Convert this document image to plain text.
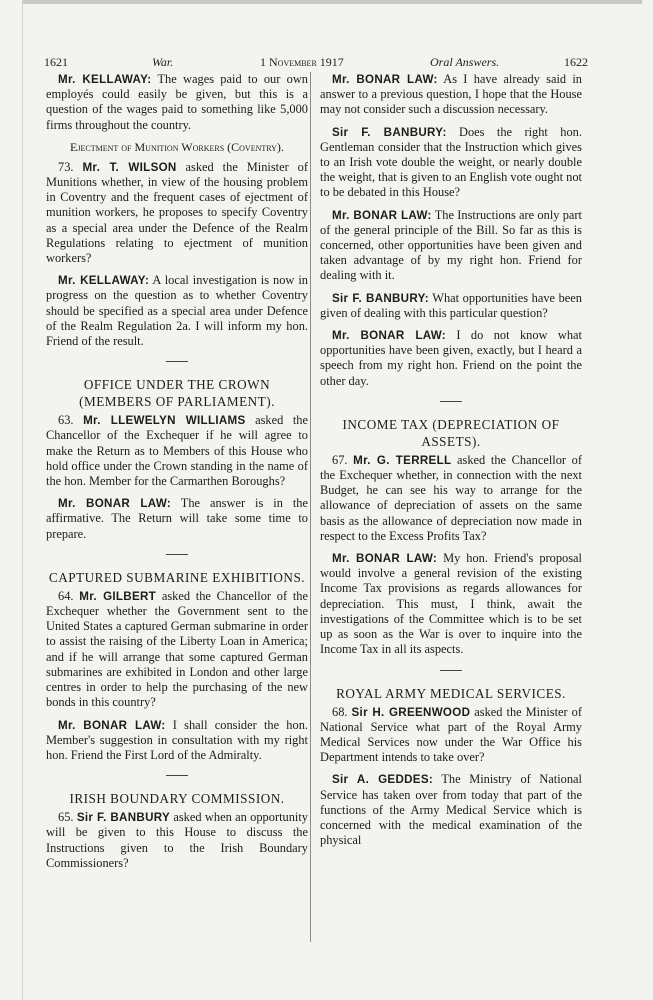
1621	War.	1 November 1917	Oral Answers.	1622

Mr. KELLAWAY: The wages paid to our own employés could easily be given, but this is a question of the wages paid to something like 5,000 firms throughout the country.

Ejectment of Munition Workers (Coventry).

73. Mr. T. WILSON asked the Minister of Munitions whether, in view of the housing problem in Coventry and the frequent cases of ejectment of munition workers, he proposes to specify Coventry as a special area under the Defence of the Realm Regulations relating to ejectment of munition workers?

Mr. KELLAWAY: A local investigation is now in progress on the question as to whether Coventry should be specified as a special area under Defence of the Realm Regulation 2a. I will inform my hon. Friend of the result.

OFFICE UNDER THE CROWN (MEMBERS OF PARLIAMENT).

63. Mr. LLEWELYN WILLIAMS asked the Chancellor of the Exchequer if he will agree to make the Return as to Members of this House who hold office under the Crown standing in the name of the hon. Member for the Carmarthen Boroughs?

Mr. BONAR LAW: The answer is in the affirmative. The Return will take some time to prepare.

CAPTURED SUBMARINE EXHIBITIONS.

64. Mr. GILBERT asked the Chancellor of the Exchequer whether the Government sent to the United States a captured German submarine in order to assist the raising of the Liberty Loan in America; and if he will arrange that some captured German submarines are exhibited in London and other large centres in order to help the purchasing of the new bonds in this country?

Mr. BONAR LAW: I shall consider the hon. Member's suggestion in consultation with my right hon. Friend the First Lord of the Admiralty.

IRISH BOUNDARY COMMISSION.

65. Sir F. BANBURY asked when an opportunity will be given to this House to discuss the Instructions given to the Irish Boundary Commissioners?

Mr. BONAR LAW: As I have already said in answer to a previous question, I hope that the House may not consider such a discussion necessary.

Sir F. BANBURY: Does the right hon. Gentleman consider that the Instruction which gives to an Irish vote double the weight, or nearly double the weight, that is given to an English vote ought not to be debated in this House?

Mr. BONAR LAW: The Instructions are only part of the general principle of the Bill. So far as this is concerned, other opportunities have been given and taken advantage of by my right hon. Friend for dealing with it.

Sir F. BANBURY: What opportunities have been given of dealing with this particular question?

Mr. BONAR LAW: I do not know what opportunities have been given, exactly, but I heard a speech from my right hon. Friend on the point the other day.

INCOME TAX (DEPRECIATION OF ASSETS).

67. Mr. G. TERRELL asked the Chancellor of the Exchequer whether, in connection with the next Budget, he can see his way to arrange for the allowance of depreciation of assets on the same basis as the allowance of depreciation now made in respect to the Excess Profits Tax?

Mr. BONAR LAW: My hon. Friend's proposal would involve a general revision of the existing Income Tax provisions as regards allowances for depreciation. This must, I think, await the investigations of the Committee which is to be set up as soon as the War is over to inquire into the Income Tax in all its aspects.

ROYAL ARMY MEDICAL SERVICES.

68. Sir H. GREENWOOD asked the Minister of National Service what part of the Royal Army Medical Services now under the War Office his Department intends to take over?

Sir A. GEDDES: The Ministry of National Service has taken over from today that part of the functions of the Army Medical Service which is concerned with the medical examination of the physical
